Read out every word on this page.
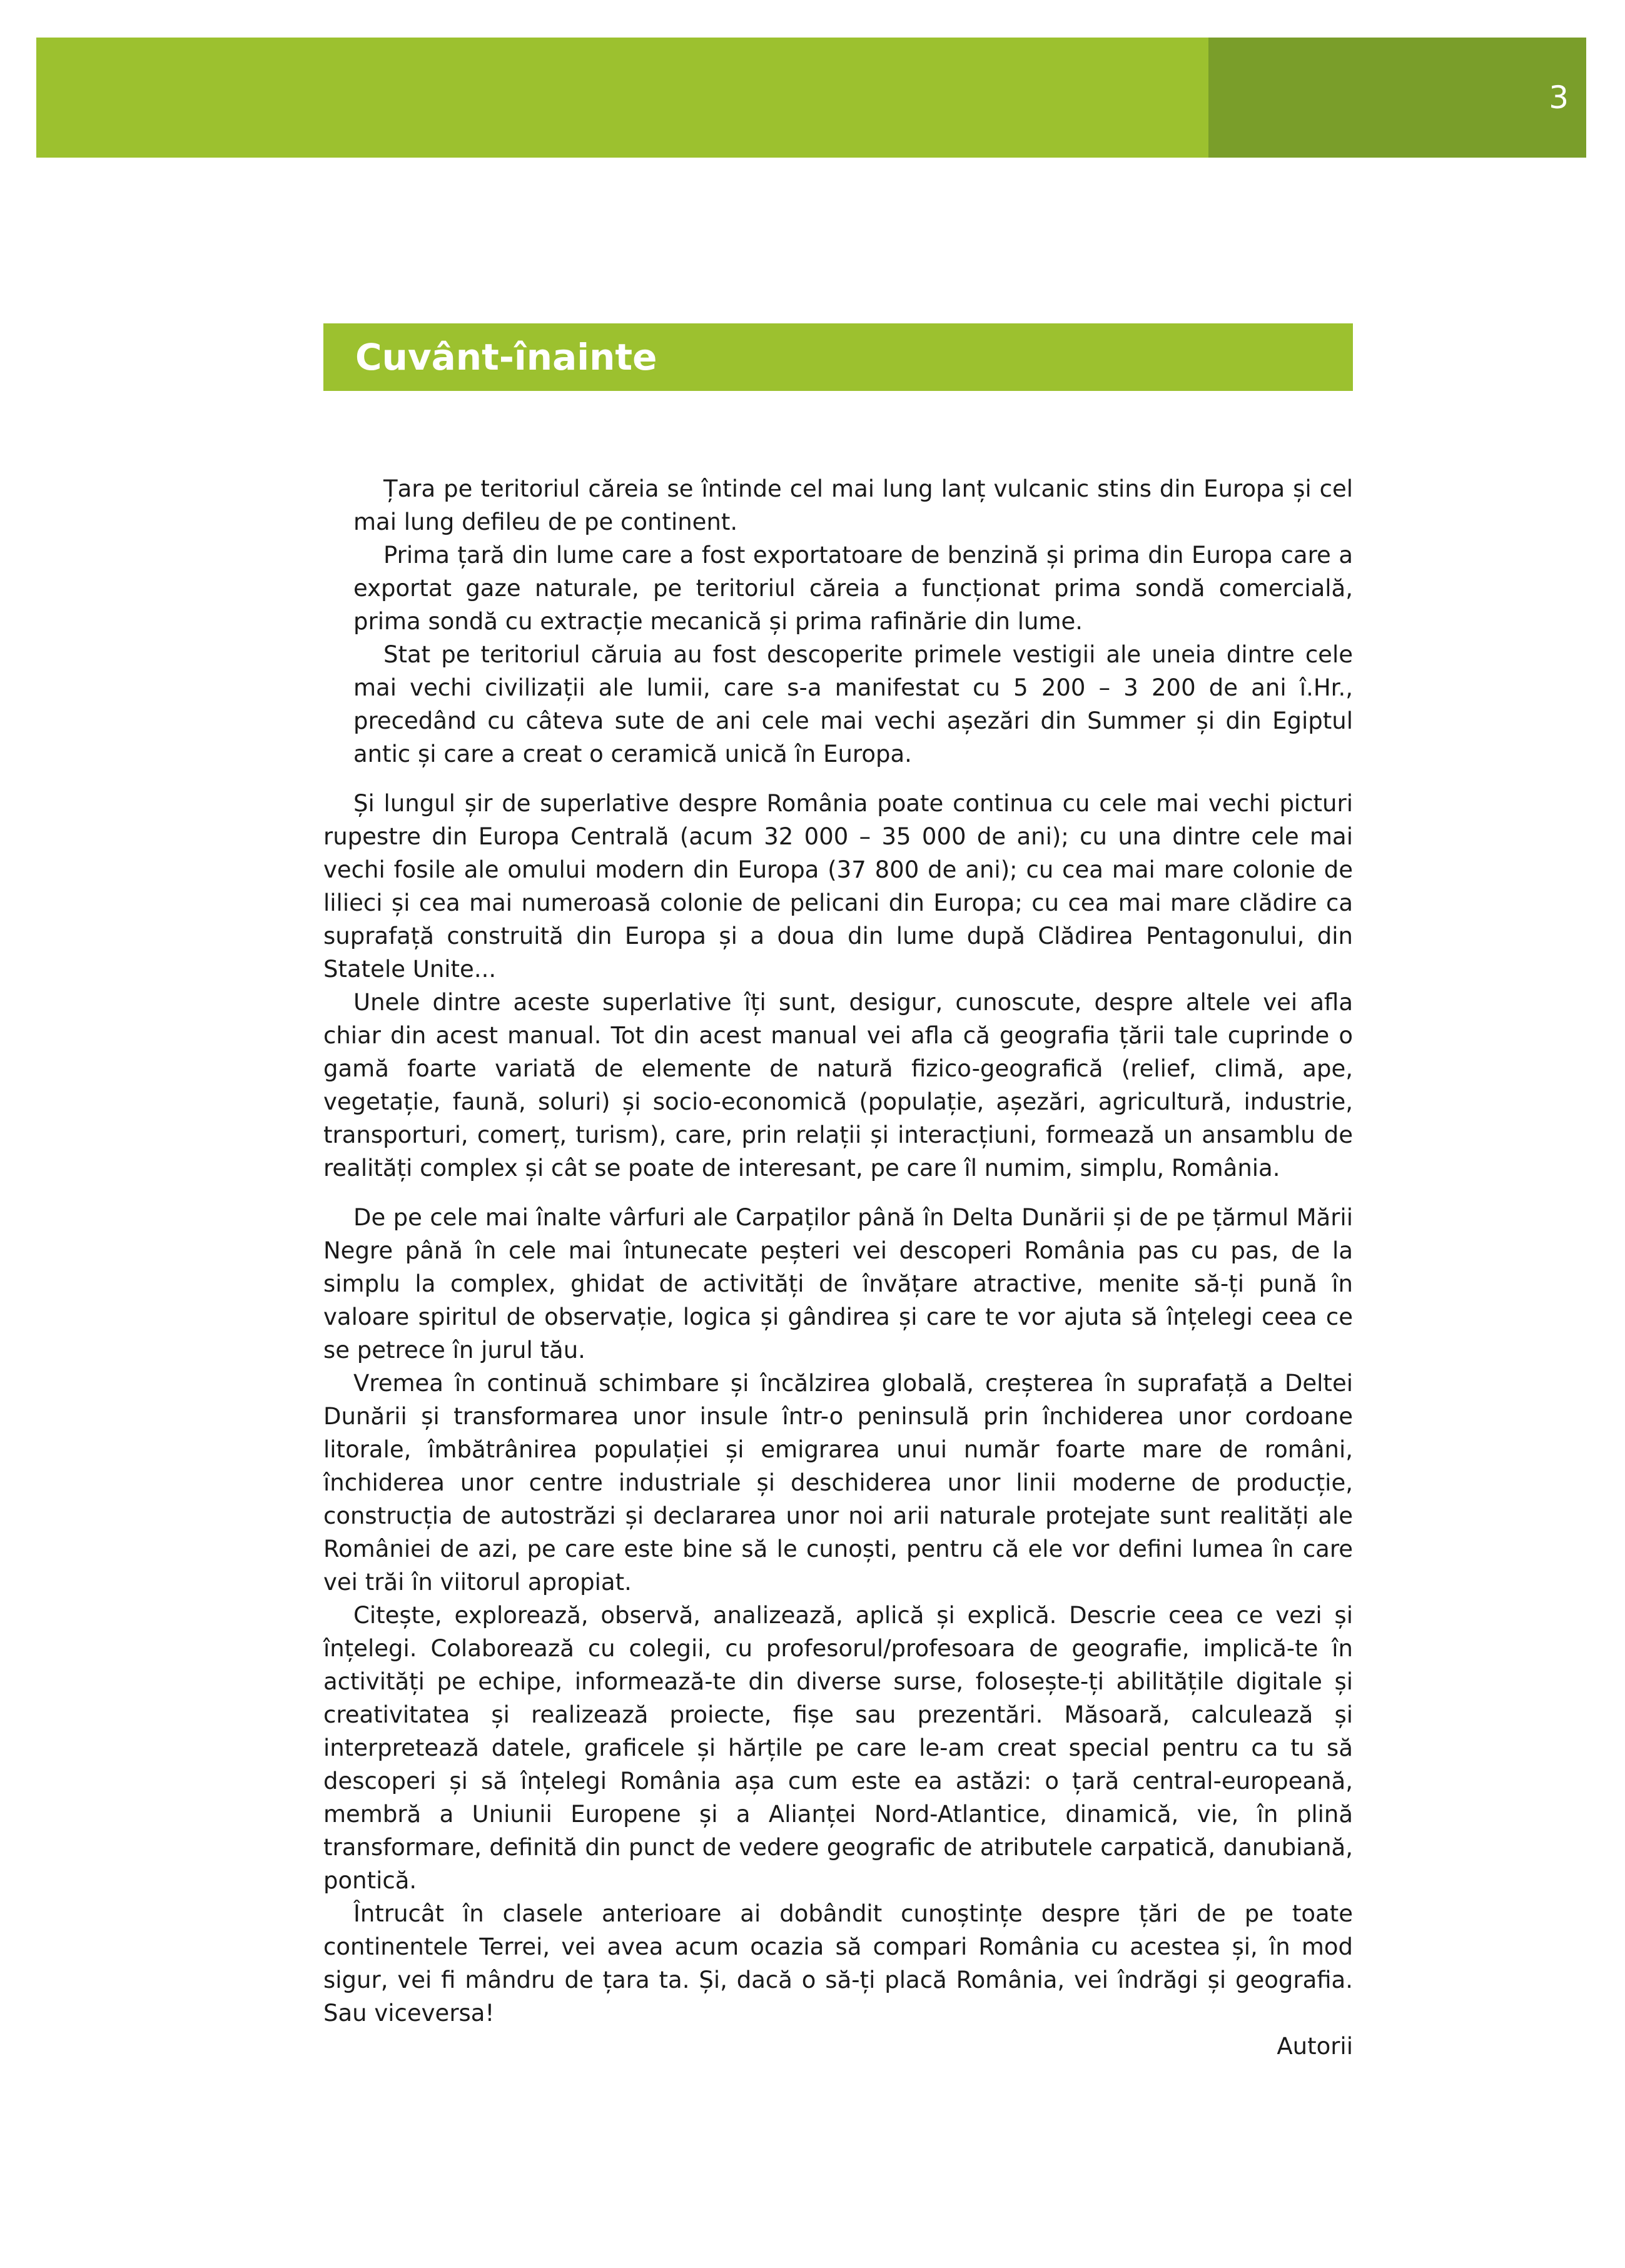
3
Cuvânt-înainte

Țara pe teritoriul căreia se întinde cel mai lung lanț vulcanic stins din Europa și cel mai lung defileu de pe continent.

Prima țară din lume care a fost exportatoare de benzină și prima din Europa care a exportat gaze naturale, pe teritoriul căreia a funcționat prima sondă comercială, prima sondă cu extracție mecanică și prima rafinărie din lume.

Stat pe teritoriul căruia au fost descoperite primele vestigii ale uneia dintre cele mai vechi civilizații ale lumii, care s-a manifestat cu 5 200 – 3 200 de ani î.Hr., precedând cu câteva sute de ani cele mai vechi așezări din Summer și din Egiptul antic și care a creat o ceramică unică în Europa.

Și lungul șir de superlative despre România poate continua cu cele mai vechi picturi rupestre din Europa Centrală (acum 32 000 – 35 000 de ani); cu una dintre cele mai vechi fosile ale omului modern din Europa (37 800 de ani); cu cea mai mare colonie de lilieci și cea mai numeroasă colonie de pelicani din Europa; cu cea mai mare clădire ca suprafață construită din Europa și a doua din lume după Clădirea Pentagonului, din Statele Unite...

Unele dintre aceste superlative îți sunt, desigur, cunoscute, despre altele vei afla chiar din acest manual. Tot din acest manual vei afla că geografia țării tale cuprinde o gamă foarte variată de elemente de natură fizico-geografică (relief, climă, ape, vegetație, faună, soluri) și socio-economică (populație, așezări, agricultură, industrie, transporturi, comerț, turism), care, prin relații și interacțiuni, formează un ansamblu de realități complex și cât se poate de interesant, pe care îl numim, simplu, România.

De pe cele mai înalte vârfuri ale Carpaților până în Delta Dunării și de pe țărmul Mării Negre până în cele mai întunecate peșteri vei descoperi România pas cu pas, de la simplu la complex, ghidat de activități de învățare atractive, menite să-ți pună în valoare spiritul de observație, logica și gândirea și care te vor ajuta să înțelegi ceea ce se petrece în jurul tău.

Vremea în continuă schimbare și încălzirea globală, creșterea în suprafață a Deltei Dunării și transformarea unor insule într-o peninsulă prin închiderea unor cordoane litorale, îmbătrânirea populației și emigrarea unui număr foarte mare de români, închiderea unor centre industriale și deschiderea unor linii moderne de producție, construcția de autostrăzi și declararea unor noi arii naturale protejate sunt realități ale României de azi, pe care este bine să le cunoști, pentru că ele vor defini lumea în care vei trăi în viitorul apropiat.

Citește, explorează, observă, analizează, aplică și explică. Descrie ceea ce vezi și înțelegi. Colaborează cu colegii, cu profesorul/profesoara de geografie, implică-te în activități pe echipe, informează-te din diverse surse, folosește-ți abilitățile digitale și creativitatea și realizează proiecte, fișe sau prezentări. Măsoară, calculează și interpretează datele, graficele și hărțile pe care le-am creat special pentru ca tu să descoperi și să înțelegi România așa cum este ea astăzi: o țară central-europeană, membră a Uniunii Europene și a Alianței Nord-Atlantice, dinamică, vie, în plină transformare, definită din punct de vedere geografic de atributele carpatică, danubiană, pontică.

Întrucât în clasele anterioare ai dobândit cunoștințe despre țări de pe toate continentele Terrei, vei avea acum ocazia să compari România cu acestea și, în mod sigur, vei fi mândru de țara ta. Și, dacă o să-ți placă România, vei îndrăgi și geografia. Sau viceversa!

Autorii
